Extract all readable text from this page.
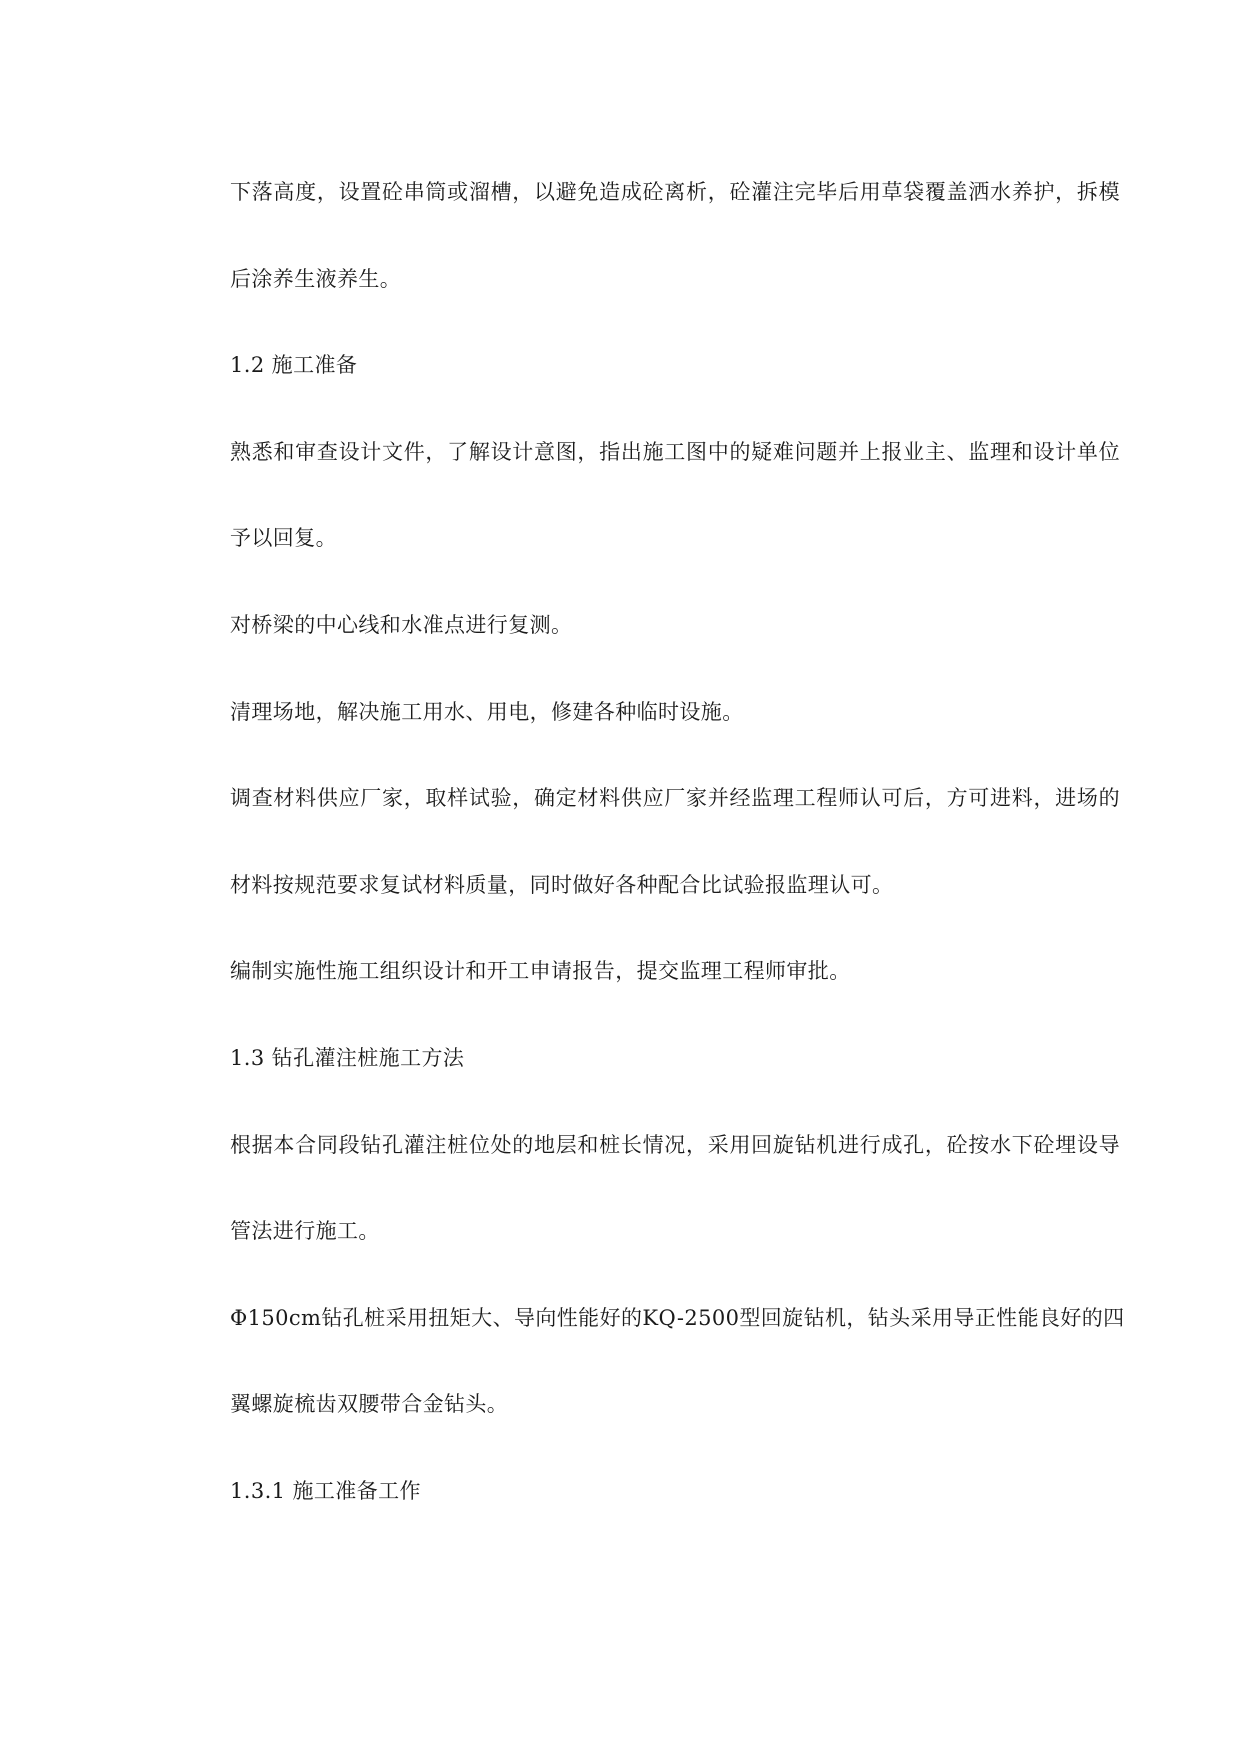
下落高度，设置砼串筒或溜槽，以避免造成砼离析，砼灌注完毕后用草袋覆盖洒水养护，拆模
后涂养生液养生。
1.2 施工准备
熟悉和审查设计文件，了解设计意图，指出施工图中的疑难问题并上报业主、监理和设计单位
予以回复。
对桥梁的中心线和水准点进行复测。
清理场地，解决施工用水、用电，修建各种临时设施。
调查材料供应厂家，取样试验，确定材料供应厂家并经监理工程师认可后，方可进料，进场的
材料按规范要求复试材料质量，同时做好各种配合比试验报监理认可。
编制实施性施工组织设计和开工申请报告，提交监理工程师审批。
1.3 钻孔灌注桩施工方法
根据本合同段钻孔灌注桩位处的地层和桩长情况，采用回旋钻机进行成孔，砼按水下砼埋设导
管法进行施工。
Φ150cm钻孔桩采用扭矩大、导向性能好的KQ-2500型回旋钻机，钻头采用导正性能良好的四
翼螺旋梳齿双腰带合金钻头。
1.3.1 施工准备工作
